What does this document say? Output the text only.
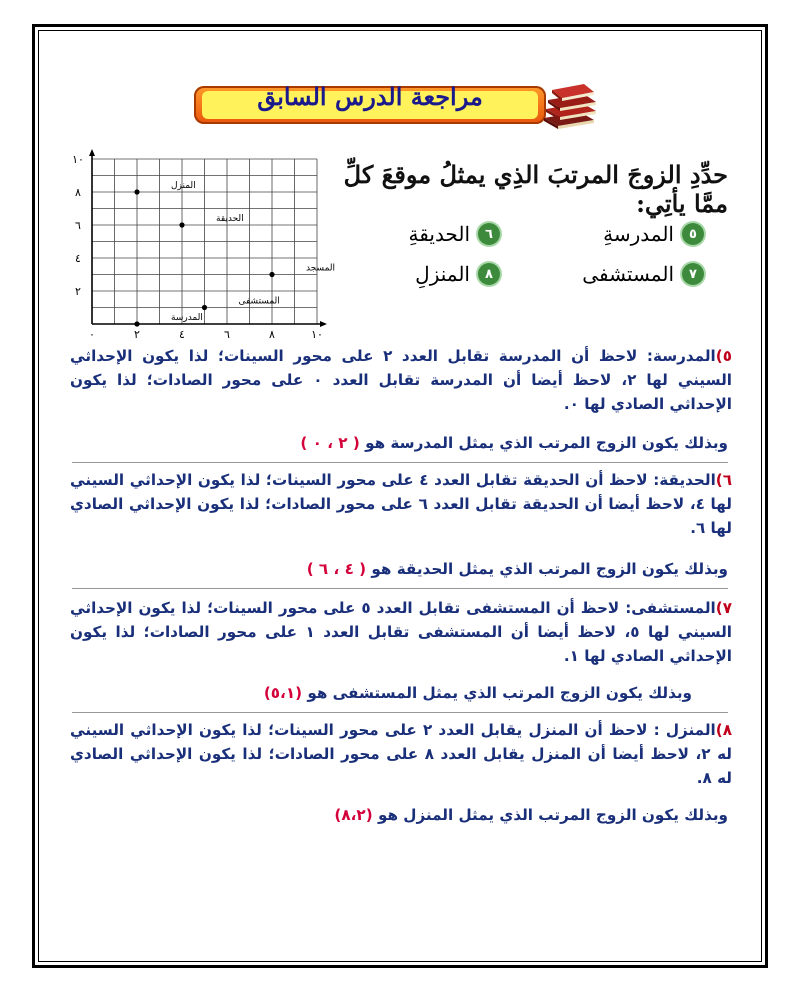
مراجعة الدرس السابق
٠	٢	٤	٦	٨	١٠
٢
٤
٦
٨
١٠
المنزل
الحديقة
المسجد
المستشفى
المدرسة
حدِّدِ الزوجَ المرتبَ الذِي يمثلُ موقعَ كلِّ ممَّا يأتِي:
٥
المدرسةِ
٦
الحديقةِ
٧
المستشفى
٨
المنزلِ
٥)المدرسة: لاحظ أن المدرسة تقابل العدد ٢ على محور السينات؛ لذا يكون الإحداثي السيني لها ٢، لاحظ أيضا أن المدرسة تقابل العدد ٠ على محور الصادات؛ لذا يكون الإحداثي الصادي لها ٠.
وبذلك يكون الزوج المرتب الذي يمثل المدرسة هو ( ٢ ، ٠ )
٦)الحديقة: لاحظ أن الحديقة تقابل العدد ٤ على محور السينات؛ لذا يكون الإحداثي السيني لها ٤، لاحظ أيضا أن الحديقة تقابل العدد ٦ على محور الصادات؛ لذا يكون الإحداثي الصادي لها ٦.
وبذلك يكون الزوج المرتب الذي يمثل الحديقة هو ( ٤ ، ٦ )
٧)المستشفى: لاحظ أن المستشفى تقابل العدد ٥ على محور السينات؛ لذا يكون الإحداثي السيني لها ٥، لاحظ أيضا أن المستشفى تقابل العدد ١ على محور الصادات؛ لذا يكون الإحداثي الصادي لها ١.
وبذلك يكون الزوج المرتب الذي يمثل المستشفى هو (٥،١)
٨)المنزل : لاحظ أن المنزل يقابل العدد ٢ على محور السينات؛ لذا يكون الإحداثي السيني له ٢، لاحظ أيضا أن المنزل يقابل العدد ٨ على محور الصادات؛ لذا يكون الإحداثي الصادي له ٨.
وبذلك يكون الزوج المرتب الذي يمثل المنزل هو (٨،٢)
